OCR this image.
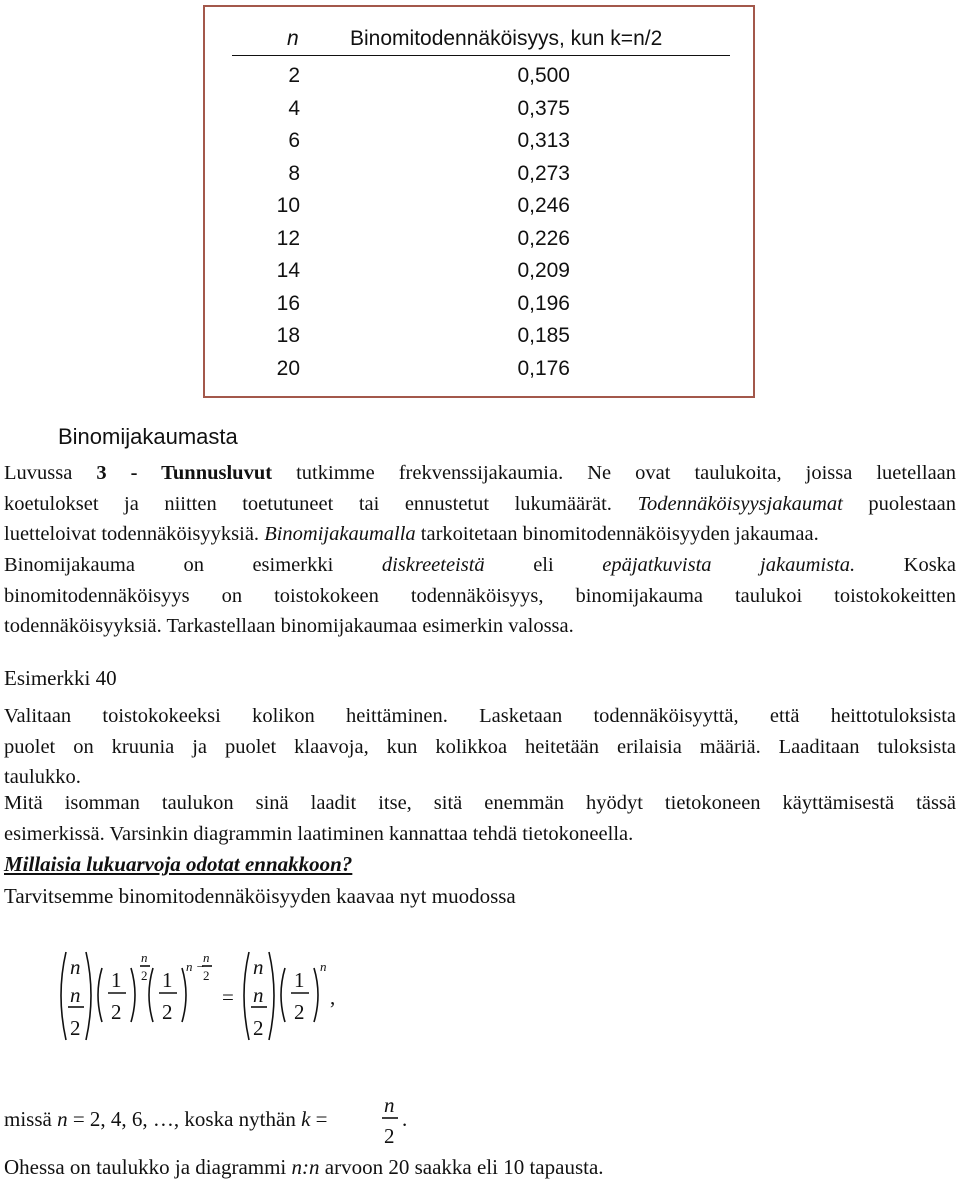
n Binomitodennäköisyys, kun k=n/2
2	0,500
4	0,375
6	0,313
8	0,273
10	0,246
12	0,226
14	0,209
16	0,196
18	0,185
20	0,176
Binomijakaumasta

Luvussa 3 - Tunnusluvut tutkimme frekvenssijakaumia. Ne ovat taulukoita, joissa luetellaan
koetulokset ja niitten toetutuneet tai ennustetut lukumäärät. Todennäköisyysjakaumat puolestaan
luetteloivat todennäköisyyksiä. Binomijakaumalla tarkoitetaan binomitodennäköisyyden jakaumaa.

Binomijakauma on esimerkki diskreeteistä eli epäjatkuvista jakaumista. Koska
binomitodennäköisyys on toistokokeen todennäköisyys, binomijakauma taulukoi toistokokeitten
todennäköisyyksiä. Tarkastellaan binomijakaumaa esimerkin valossa.

Esimerkki 40

Valitaan toistokokeeksi kolikon heittäminen. Lasketaan todennäköisyyttä, että heittotuloksista
puolet on kruunia ja puolet klaavoja, kun kolikkoa heitetään erilaisia määriä. Laaditaan tuloksista
taulukko.

Mitä isomman taulukon sinä laadit itse, sitä enemmän hyödyt tietokoneen käyttämisestä tässä
esimerkissä. Varsinkin diagrammin laatiminen kannattaa tehdä tietokoneella.

Millaisia lukuarvoja odotat ennakkoon?
Tarvitsemme binomitodennäköisyyden kaavaa nyt muodossa
n
n
2
1
2
n
2 1
2
n −
n
2
=
n
n
2
1
2
n
,
missä n = 2, 4, 6, …, koska nythän k =
n
2
.
Ohessa on taulukko ja diagrammi n:n arvoon 20 saakka eli 10 tapausta.
